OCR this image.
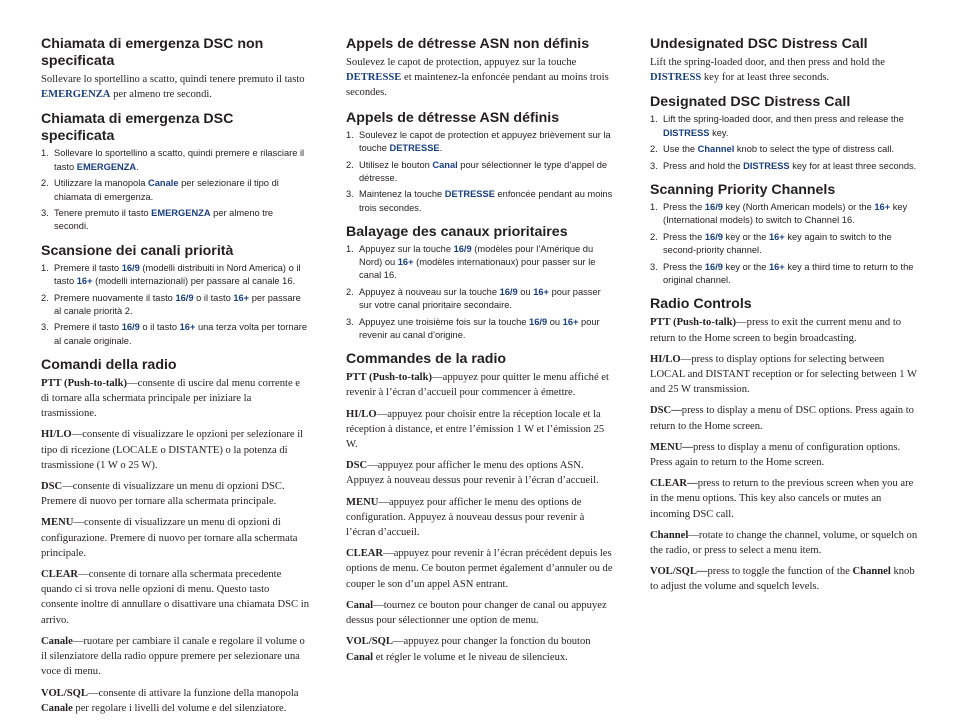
Chiamata di emergenza DSC non specificata

Sollevare lo sportellino a scatto, quindi tenere premuto il tasto EMERGENZA per almeno tre secondi.

Chiamata di emergenza DSC specificata
1. Sollevare lo sportellino a scatto, quindi premere e rilasciare il tasto EMERGENZA.
2. Utilizzare la manopola Canale per selezionare il tipo di chiamata di emergenza.
3. Tenere premuto il tasto EMERGENZA per almeno tre secondi.
Scansione dei canali priorità
1. Premere il tasto 16/9 (modelli distribuiti in Nord America) o il tasto 16+ (modelli internazionali) per passare al canale 16.
2. Premere nuovamente il tasto 16/9 o il tasto 16+ per passare al canale priorità 2.
3. Premere il tasto 16/9 o il tasto 16+ una terza volta per tornare al canale originale.
Comandi della radio

PTT (Push-to-talk)—consente di uscire dal menu corrente e di tornare alla schermata principale per iniziare la trasmissione.

HI/LO—consente di visualizzare le opzioni per selezionare il tipo di ricezione (LOCALE o DISTANTE) o la potenza di trasmissione (1 W o 25 W).

DSC—consente di visualizzare un menu di opzioni DSC. Premere di nuovo per tornare alla schermata principale.

MENU—consente di visualizzare un menu di opzioni di configurazione. Premere di nuovo per tornare alla schermata principale.

CLEAR—consente di tornare alla schermata precedente quando ci si trova nelle opzioni di menu. Questo tasto consente inoltre di annullare o disattivare una chiamata DSC in arrivo.

Canale—ruotare per cambiare il canale e regolare il volume o il silenziatore della radio oppure premere per selezionare una voce di menu.

VOL/SQL—consente di attivare la funzione della manopola Canale per regolare i livelli del volume e del silenziatore.

Appels de détresse ASN non définis

Soulevez le capot de protection, appuyez sur la touche DETRESSE et maintenez-la enfoncée pendant au moins trois secondes.

Appels de détresse ASN définis
1. Soulevez le capot de protection et appuyez brièvement sur la touche DETRESSE.
2. Utilisez le bouton Canal pour sélectionner le type d’appel de détresse.
3. Maintenez la touche DETRESSE enfoncée pendant au moins trois secondes.
Balayage des canaux prioritaires
1. Appuyez sur la touche 16/9 (modèles pour l’Amérique du Nord) ou 16+ (modèles internationaux) pour passer sur le canal 16.
2. Appuyez à nouveau sur la touche 16/9 ou 16+ pour passer sur votre canal prioritaire secondaire.
3. Appuyez une troisième fois sur la touche 16/9 ou 16+ pour revenir au canal d’origine.
Commandes de la radio

PTT (Push-to-talk)—appuyez pour quitter le menu affiché et revenir à l’écran d’accueil pour commencer à émettre.

HI/LO—appuyez pour choisir entre la réception locale et la réception à distance, et entre l’émission 1 W et l’émission 25 W.

DSC—appuyez pour afficher le menu des options ASN. Appuyez à nouveau dessus pour revenir à l’écran d’accueil.

MENU—appuyez pour afficher le menu des options de configuration. Appuyez à nouveau dessus pour revenir à l’écran d’accueil.

CLEAR—appuyez pour revenir à l’écran précédent depuis les options de menu. Ce bouton permet également d’annuler ou de couper le son d’un appel ASN entrant.

Canal—tournez ce bouton pour changer de canal ou appuyez dessus pour sélectionner une option de menu.

VOL/SQL—appuyez pour changer la fonction du bouton Canal et régler le volume et le niveau de silencieux.

Undesignated DSC Distress Call

Lift the spring-loaded door, and then press and hold the DISTRESS key for at least three seconds.

Designated DSC Distress Call
1. Lift the spring-loaded door, and then press and release the DISTRESS key.
2. Use the Channel knob to select the type of distress call.
3. Press and hold the DISTRESS key for at least three seconds.
Scanning Priority Channels
1. Press the 16/9 key (North American models) or the 16+ key (International models) to switch to Channel 16.
2. Press the 16/9 key or the 16+ key again to switch to the second-priority channel.
3. Press the 16/9 key or the 16+ key a third time to return to the original channel.
Radio Controls

PTT (Push-to-talk)—press to exit the current menu and to return to the Home screen to begin broadcasting.

HI/LO—press to display options for selecting between LOCAL and DISTANT reception or for selecting between 1 W and 25 W transmission.

DSC—press to display a menu of DSC options. Press again to return to the Home screen.

MENU—press to display a menu of configuration options. Press again to return to the Home screen.

CLEAR—press to return to the previous screen when you are in the menu options. This key also cancels or mutes an incoming DSC call.

Channel—rotate to change the channel, volume, or squelch on the radio, or press to select a menu item.

VOL/SQL—press to toggle the function of the Channel knob to adjust the volume and squelch levels.
